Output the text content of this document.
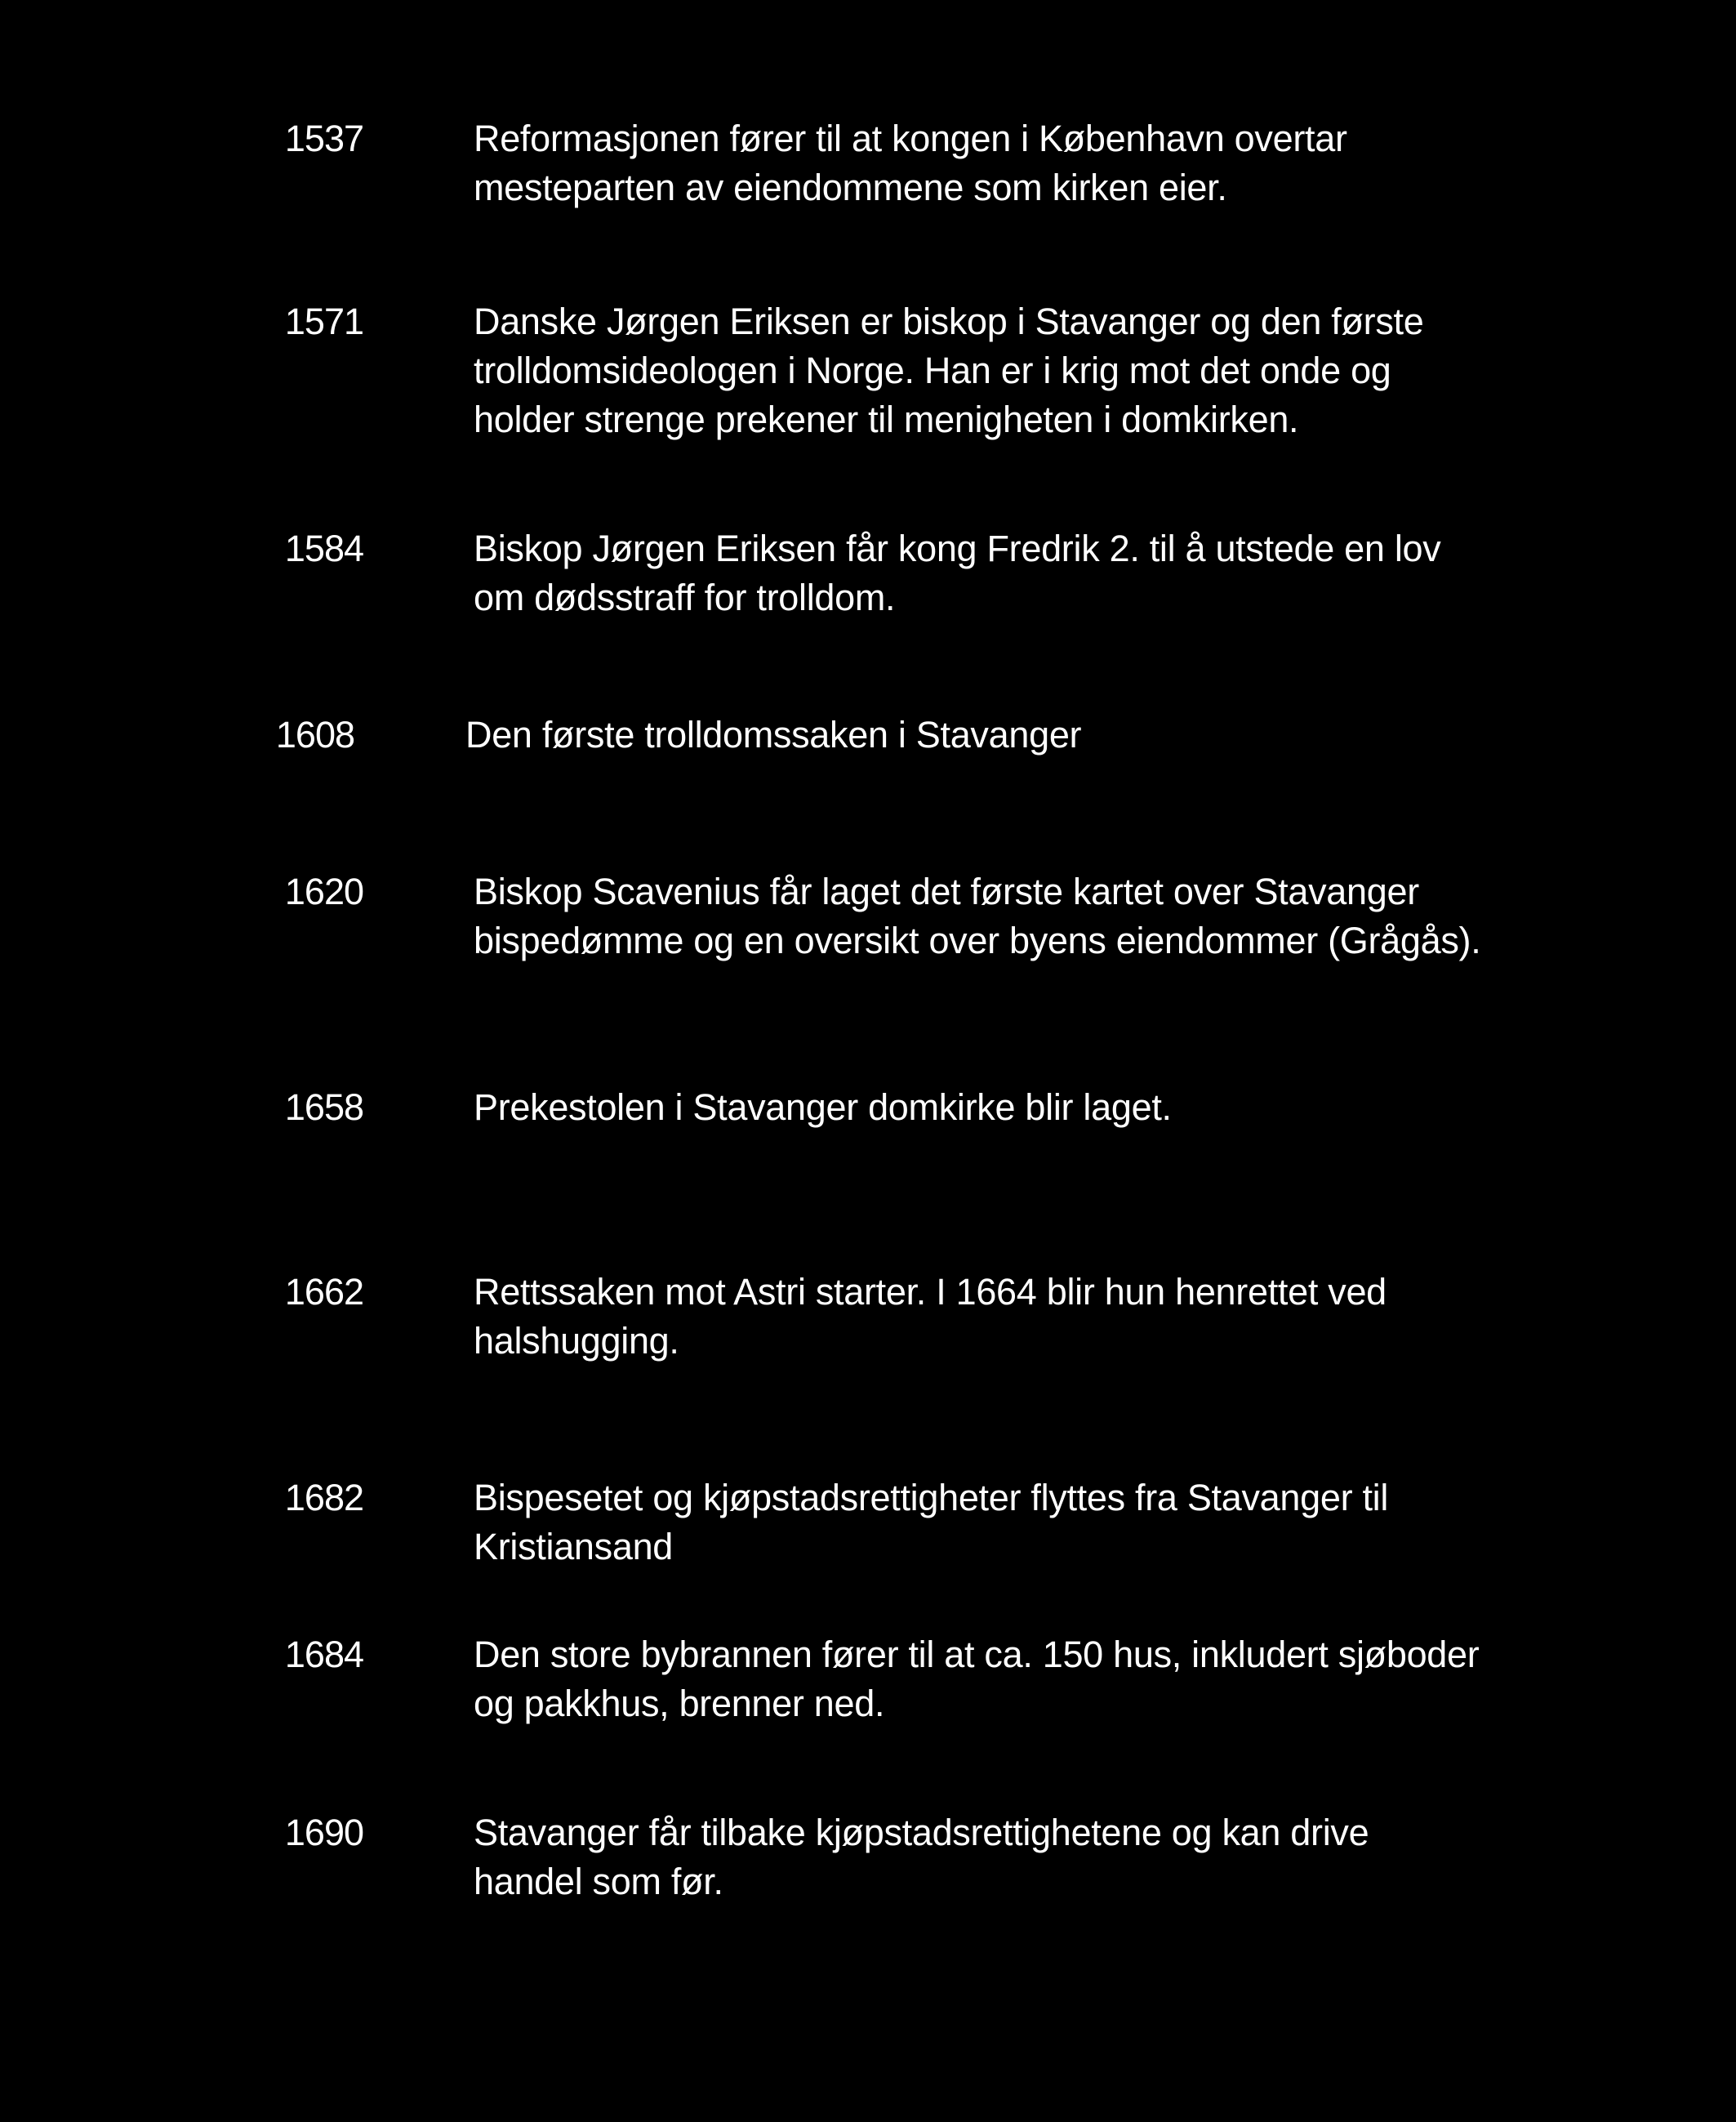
1537	Reformasjonen fører til at kongen i København overtar
mesteparten av eiendommene som kirken eier.
1571	Danske Jørgen Eriksen er biskop i Stavanger og den første
trolldomsideologen i Norge. Han er i krig mot det onde og
holder strenge prekener til menigheten i domkirken.
1584	Biskop Jørgen Eriksen får kong Fredrik 2. til å utstede en lov
om dødsstraff for trolldom.
1608	Den første trolldomssaken i Stavanger
1620	Biskop Scavenius får laget det første kartet over Stavanger
bispedømme og en oversikt over byens eiendommer (Grågås).
1658	Prekestolen i Stavanger domkirke blir laget.
1662	Rettssaken mot Astri starter. I 1664 blir hun henrettet ved
halshugging.
1682	Bispesetet og kjøpstadsrettigheter flyttes fra Stavanger til
Kristiansand
1684	Den store bybrannen fører til at ca. 150 hus, inkludert sjøboder
og pakkhus, brenner ned.
1690	Stavanger får tilbake kjøpstadsrettighetene og kan drive
handel som før.
